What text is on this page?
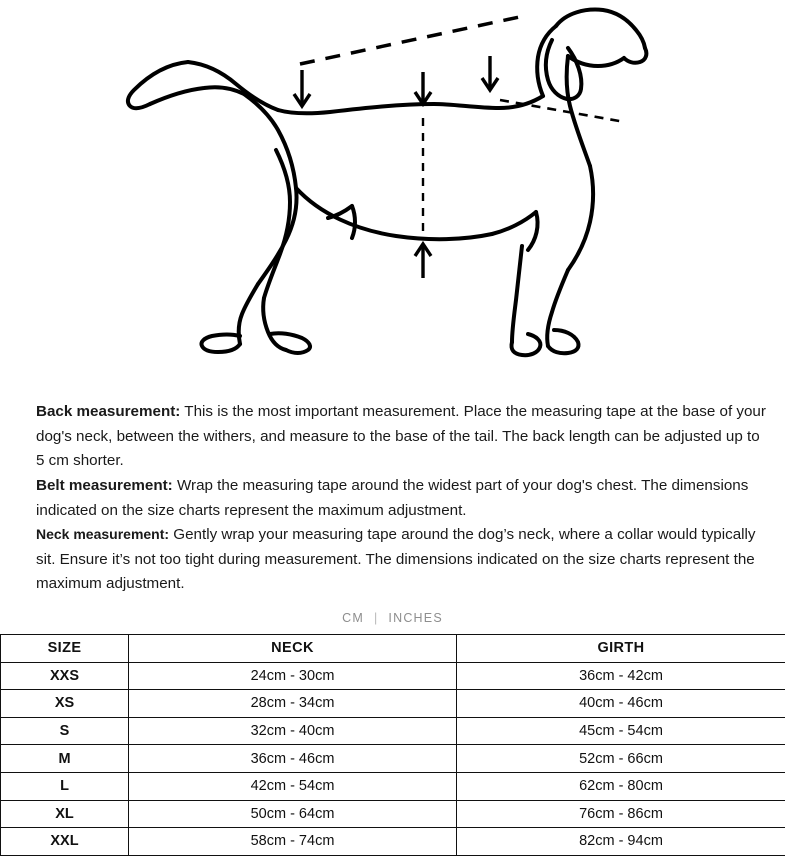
Back measurement: This is the most important measurement. Place the measuring tape at the base of your dog's neck, between the withers, and measure to the base of the tail. The back length can be adjusted up to 5 cm shorter.

Belt measurement: Wrap the measuring tape around the widest part of your dog's chest. The dimensions indicated on the size charts represent the maximum adjustment.

Neck measurement: Gently wrap your measuring tape around the dog’s neck, where a collar would typically sit. Ensure it’s not too tight during measurement. The dimensions indicated on the size charts represent the maximum adjustment.

CM | INCHES
SIZE	NECK	GIRTH
XXS	24cm - 30cm	36cm - 42cm
XS	28cm - 34cm	40cm - 46cm
S	32cm - 40cm	45cm - 54cm
M	36cm - 46cm	52cm - 66cm
L	42cm - 54cm	62cm - 80cm
XL	50cm - 64cm	76cm - 86cm
XXL	58cm - 74cm	82cm - 94cm
